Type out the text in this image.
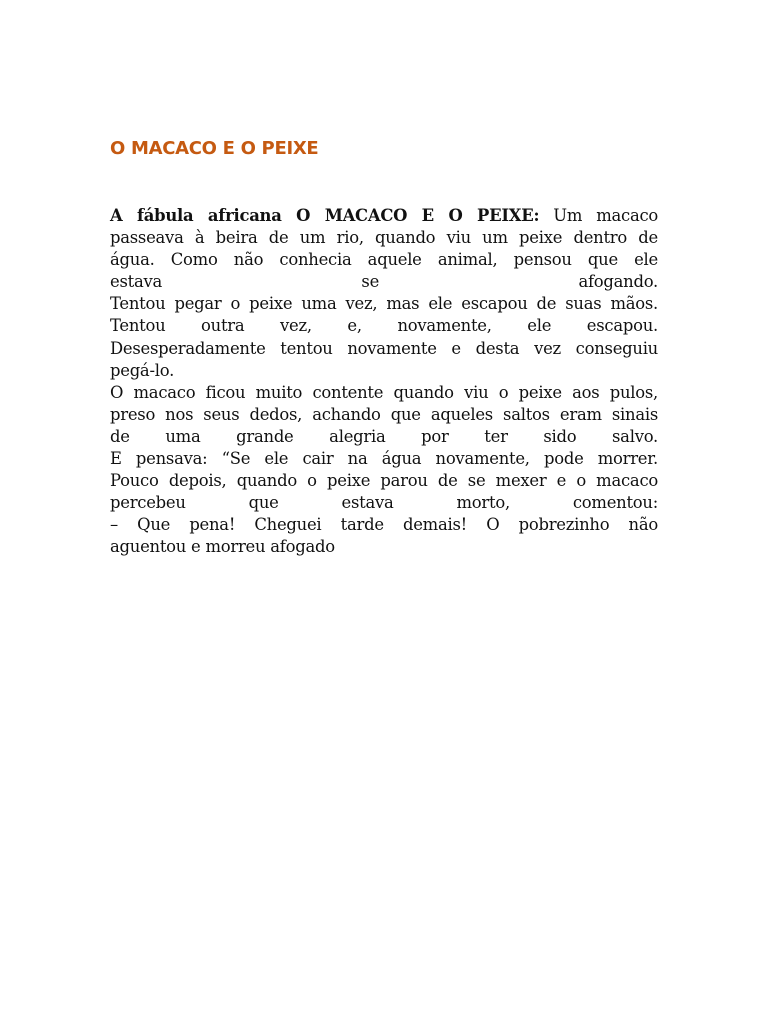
O MACACO E O PEIXE
A fábula africana O MACACO E O PEIXE: Um macaco
passeava à beira de um rio, quando viu um peixe dentro de
água. Como não conhecia aquele animal, pensou que ele
estava se afogando.
Tentou pegar o peixe uma vez, mas ele escapou de suas mãos.
Tentou outra vez, e, novamente, ele escapou.
Desesperadamente tentou novamente e desta vez conseguiu
pegá-lo.
O macaco ficou muito contente quando viu o peixe aos pulos,
preso nos seus dedos, achando que aqueles saltos eram sinais
de uma grande alegria por ter sido salvo.
E pensava: “Se ele cair na água novamente, pode morrer.
Pouco depois, quando o peixe parou de se mexer e o macaco
percebeu que estava morto, comentou:
– Que pena! Cheguei tarde demais! O pobrezinho não
aguentou e morreu afogado
